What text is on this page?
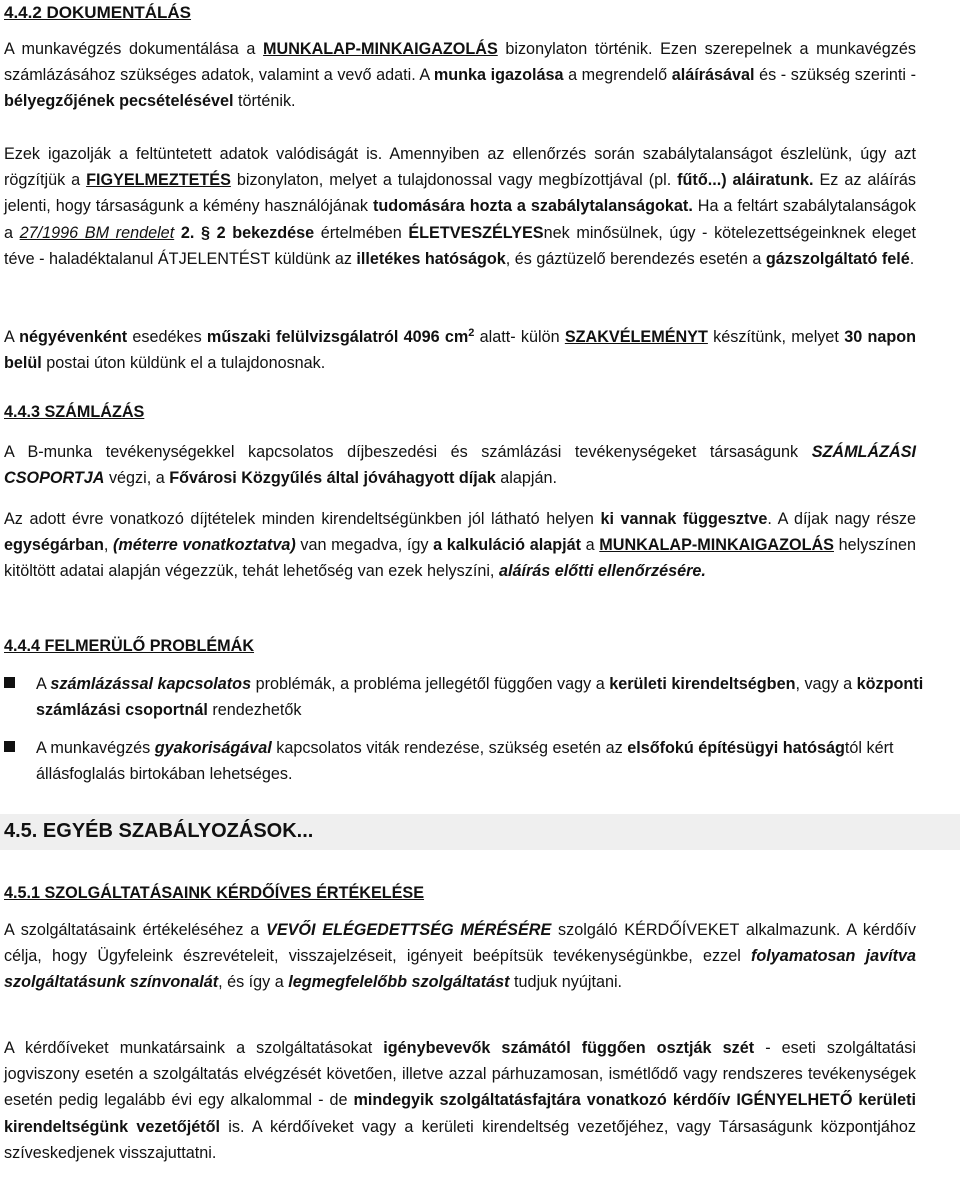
4.4.2 DOKUMENTÁLÁS

A munkavégzés dokumentálása a MUNKALAP-MINKAIGAZOLÁS bizonylaton történik. Ezen szerepelnek a munkavégzés számlázásához szükséges adatok, valamint a vevő adati. A munka igazolása a megrendelő aláírásával és - szükség szerinti - bélyegzőjének pecsételésével történik.

Ezek igazolják a feltüntetett adatok valódiságát is. Amennyiben az ellenőrzés során szabálytalanságot észlelünk, úgy azt rögzítjük a FIGYELMEZTETÉS bizonylaton, melyet a tulajdonossal vagy megbízottjával (pl. fűtő...) aláiratunk. Ez az aláírás jelenti, hogy társaságunk a kémény használójának tudomására hozta a szabálytalanságokat. Ha a feltárt szabálytalanságok a 27/1996 BM rendelet 2. § 2 bekezdése értelmében ÉLETVESZÉLYESnek minősülnek, úgy - kötelezettségeinknek eleget téve - haladéktalanul ÁTJELENTÉST küldünk az illetékes hatóságok, és gáztüzelő berendezés esetén a gázszolgáltató felé.

A négyévenként esedékes műszaki felülvizsgálatról 4096 $cm^2$ alatt- külön SZAKVÉLEMÉNYT készítünk, melyet 30 napon belül postai úton küldünk el a tulajdonosnak.

4.4.3 SZÁMLÁZÁS

A B-munka tevékenységekkel kapcsolatos díjbeszedési és számlázási tevékenységeket társaságunk SZÁMLÁZÁSI CSOPORTJA végzi, a Fővárosi Közgyűlés által jóváhagyott díjak alapján.

Az adott évre vonatkozó díjtételek minden kirendeltségünkben jól látható helyen ki vannak függesztve. A díjak nagy része egységárban, (méterre vonatkoztatva) van megadva, így a kalkuláció alapját a MUNKALAP-MINKAIGAZOLÁS helyszínen kitöltött adatai alapján végezzük, tehát lehetőség van ezek helyszíni, aláírás előtti ellenőrzésére.

4.4.4 FELMERÜLŐ PROBLÉMÁK
A számlázással kapcsolatos problémák, a probléma jellegétől függően vagy a kerületi kirendeltségben, vagy a központi számlázási csoportnál rendezhetők
A munkavégzés gyakoriságával kapcsolatos viták rendezése, szükség esetén az elsőfokú építésügyi hatóságtól kért állásfoglalás birtokában lehetséges.
4.5. EGYÉB SZABÁLYOZÁSOK...
4.5.1 SZOLGÁLTATÁSAINK KÉRDŐÍVES ÉRTÉKELÉSE

A szolgáltatásaink értékeléséhez a VEVŐI ELÉGEDETTSÉG MÉRÉSÉRE szolgáló KÉRDŐÍVEKET alkalmazunk. A kérdőív célja, hogy Ügyfeleink észrevételeit, visszajelzéseit, igényeit beépítsük tevékenységünkbe, ezzel folyamatosan javítva szolgáltatásunk színvonalát, és így a legmegfelelőbb szolgáltatást tudjuk nyújtani.

A kérdőíveket munkatársaink a szolgáltatásokat igénybevevők számától függően osztják szét - eseti szolgáltatási jogviszony esetén a szolgáltatás elvégzését követően, illetve azzal párhuzamosan, ismétlődő vagy rendszeres tevékenységek esetén pedig legalább évi egy alkalommal - de mindegyik szolgáltatásfajtára vonatkozó kérdőív IGÉNYELHETŐ kerületi kirendeltségünk vezetőjétől is. A kérdőíveket vagy a kerületi kirendeltség vezetőjéhez, vagy Társaságunk központjához szíveskedjenek visszajuttatni.
